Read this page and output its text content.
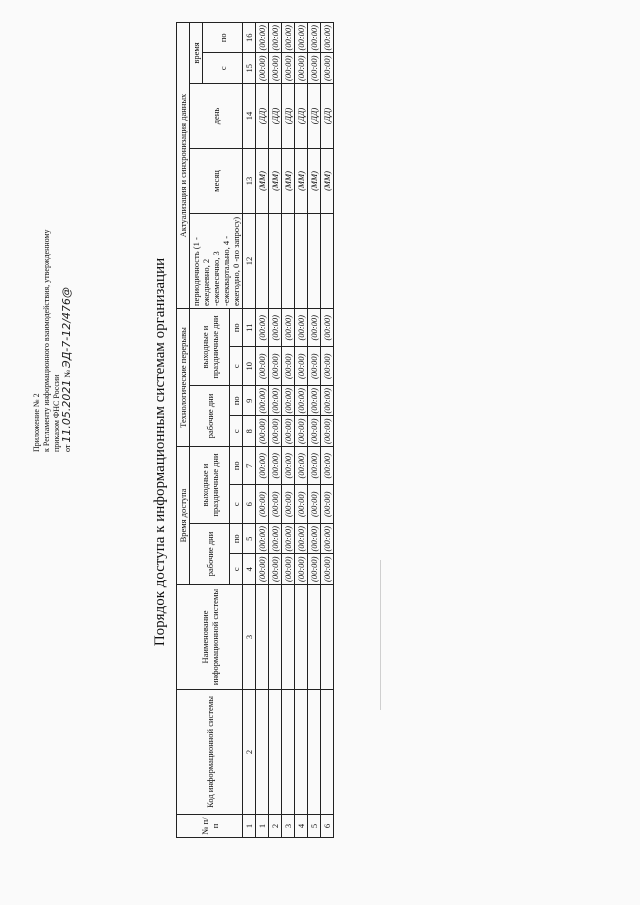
Приложение № 2 к Регламенту информационного взаимодействия, утвержденному приказом ФНС России от 11.05.2021 № ЭД-7-12/476@	Порядок доступа к информационным системам организации
№ п/п	Код информационной системы	Наименование информационной системы	Время доступа				Технологические перерывы				Актуализация и синхронизация данных				
			рабочие дни		выходные и праздничные дни		рабочие дни		выходные и праздничные дни		периодичность (1 - ежедневно, 2 -ежемесячно, 3 -ежеквартально, 4 - ежегодно, 0 -по запросу)	месяц	день	время	
														с	по
			с	по	с	по	с	по	с	по					
1	2	3	4	5	6	7	8	9	10	11	12	13	14	15	16
1			(00:00)	(00:00)	(00:00)	(00:00)	(00:00)	(00:00)	(00:00)	(00:00)		(ММ)	(ДД)	(00:00)	(00:00)
2			(00:00)	(00:00)	(00:00)	(00:00)	(00:00)	(00:00)	(00:00)	(00:00)		(ММ)	(ДД)	(00:00)	(00:00)
3			(00:00)	(00:00)	(00:00)	(00:00)	(00:00)	(00:00)	(00:00)	(00:00)		(ММ)	(ДД)	(00:00)	(00:00)
4			(00:00)	(00:00)	(00:00)	(00:00)	(00:00)	(00:00)	(00:00)	(00:00)		(ММ)	(ДД)	(00:00)	(00:00)
5			(00:00)	(00:00)	(00:00)	(00:00)	(00:00)	(00:00)	(00:00)	(00:00)		(ММ)	(ДД)	(00:00)	(00:00)
6			(00:00)	(00:00)	(00:00)	(00:00)	(00:00)	(00:00)	(00:00)	(00:00)		(ММ)	(ДД)	(00:00)	(00:00)
